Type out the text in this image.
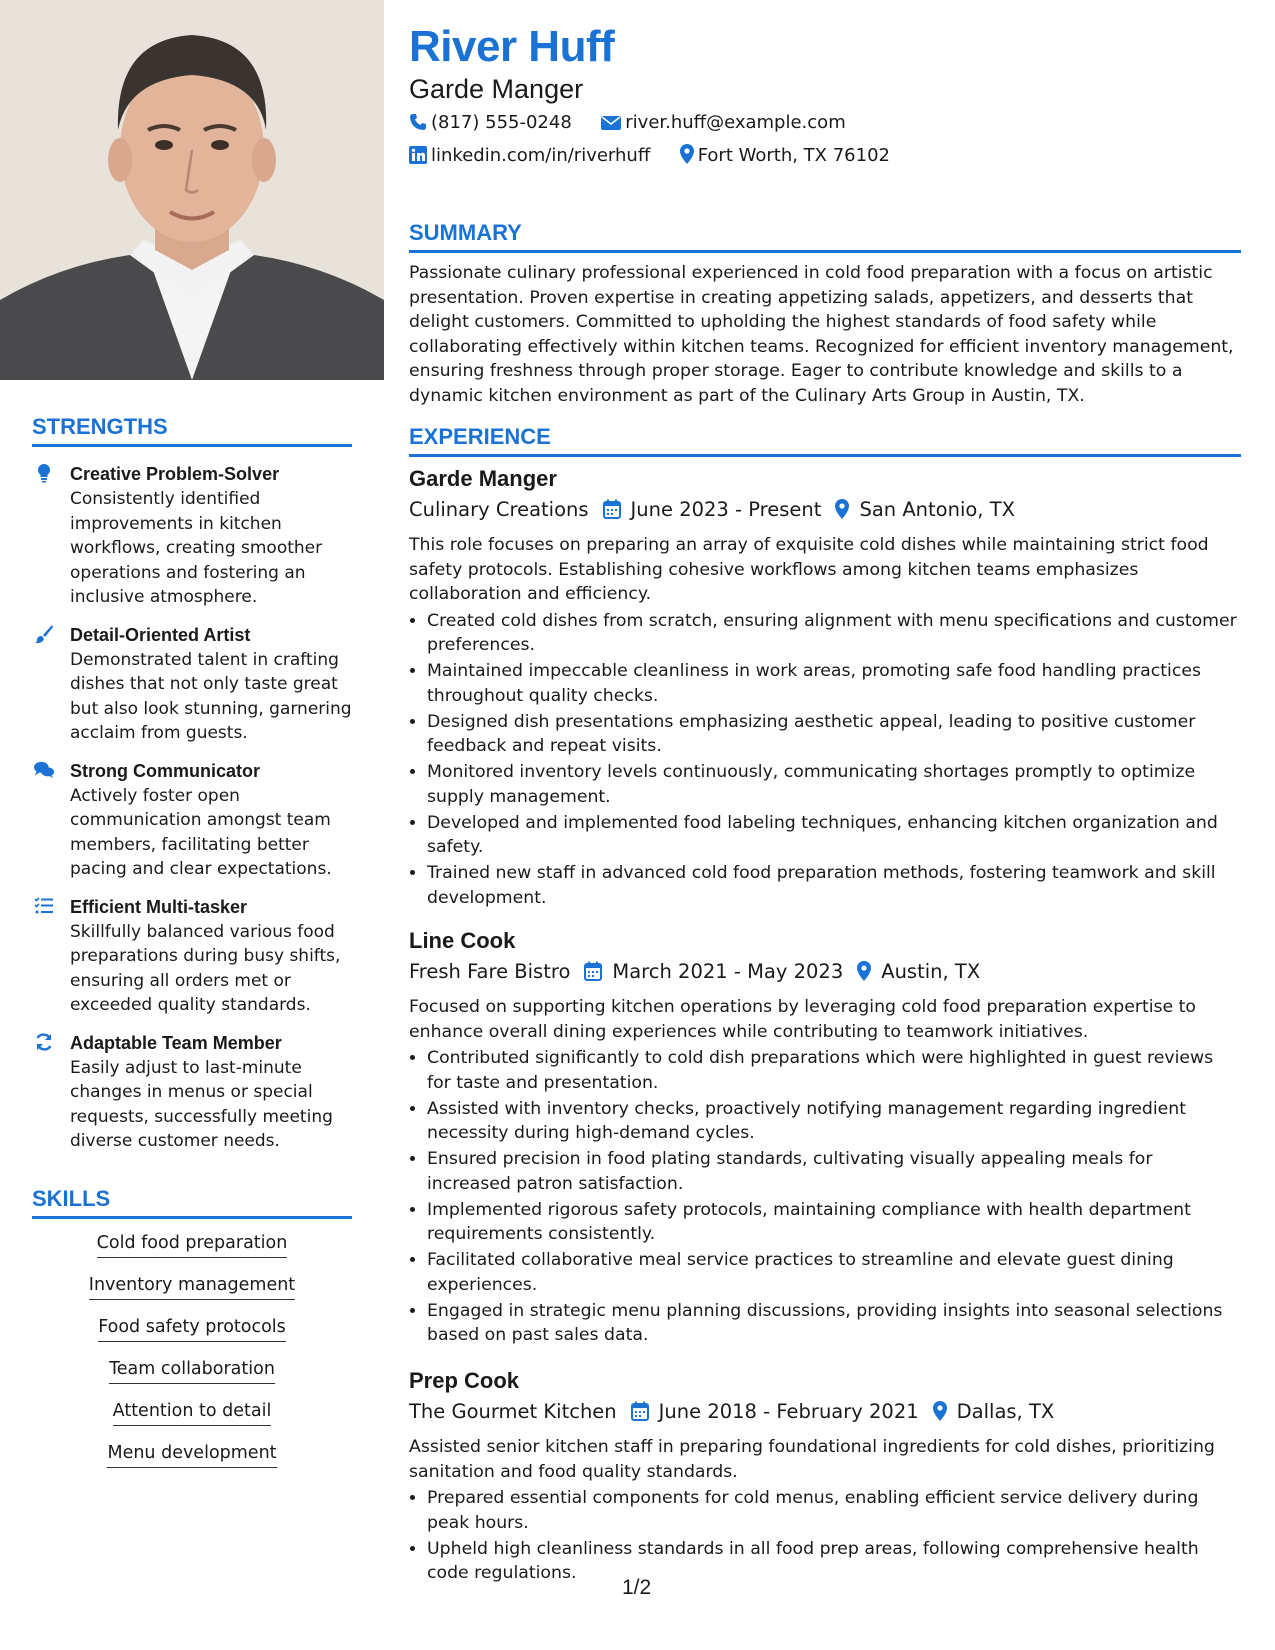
STRENGTHS
Creative Problem-Solver
Consistently identified improvements in kitchen workflows, creating smoother operations and fostering an inclusive atmosphere.
Detail-Oriented Artist
Demonstrated talent in crafting dishes that not only taste great but also look stunning, garnering acclaim from guests.
Strong Communicator
Actively foster open communication amongst team members, facilitating better pacing and clear expectations.
Efficient Multi-tasker
Skillfully balanced various food preparations during busy shifts, ensuring all orders met or exceeded quality standards.
Adaptable Team Member
Easily adjust to last-minute changes in menus or special requests, successfully meeting diverse customer needs.
SKILLS
Cold food preparation
Inventory management
Food safety protocols
Team collaboration
Attention to detail
Menu development
River Huff
Garde Manger
(817) 555-0248	river.huff@example.com
linkedin.com/in/riverhuff	Fort Worth, TX 76102
SUMMARY

Passionate culinary professional experienced in cold food preparation with a focus on artistic presentation. Proven expertise in creating appetizing salads, appetizers, and desserts that delight customers. Committed to upholding the highest standards of food safety while collaborating effectively within kitchen teams. Recognized for efficient inventory management, ensuring freshness through proper storage. Eager to contribute knowledge and skills to a dynamic kitchen environment as part of the Culinary Arts Group in Austin, TX.

EXPERIENCE
Garde Manger
Culinary Creations June 2023 - Present San Antonio, TX
This role focuses on preparing an array of exquisite cold dishes while maintaining strict food safety protocols. Establishing cohesive workflows among kitchen teams emphasizes collaboration and efficiency.
• Created cold dishes from scratch, ensuring alignment with menu specifications and customer preferences.
• Maintained impeccable cleanliness in work areas, promoting safe food handling practices throughout quality checks.
• Designed dish presentations emphasizing aesthetic appeal, leading to positive customer feedback and repeat visits.
• Monitored inventory levels continuously, communicating shortages promptly to optimize supply management.
• Developed and implemented food labeling techniques, enhancing kitchen organization and safety.
• Trained new staff in advanced cold food preparation methods, fostering teamwork and skill development.
Line Cook
Fresh Fare Bistro March 2021 - May 2023 Austin, TX
Focused on supporting kitchen operations by leveraging cold food preparation expertise to enhance overall dining experiences while contributing to teamwork initiatives.
• Contributed significantly to cold dish preparations which were highlighted in guest reviews for taste and presentation.
• Assisted with inventory checks, proactively notifying management regarding ingredient necessity during high-demand cycles.
• Ensured precision in food plating standards, cultivating visually appealing meals for increased patron satisfaction.
• Implemented rigorous safety protocols, maintaining compliance with health department requirements consistently.
• Facilitated collaborative meal service practices to streamline and elevate guest dining experiences.
• Engaged in strategic menu planning discussions, providing insights into seasonal selections based on past sales data.
Prep Cook
The Gourmet Kitchen June 2018 - February 2021 Dallas, TX
Assisted senior kitchen staff in preparing foundational ingredients for cold dishes, prioritizing sanitation and food quality standards.
• Prepared essential components for cold menus, enabling efficient service delivery during peak hours.
• Upheld high cleanliness standards in all food prep areas, following comprehensive health code regulations.
1/2
